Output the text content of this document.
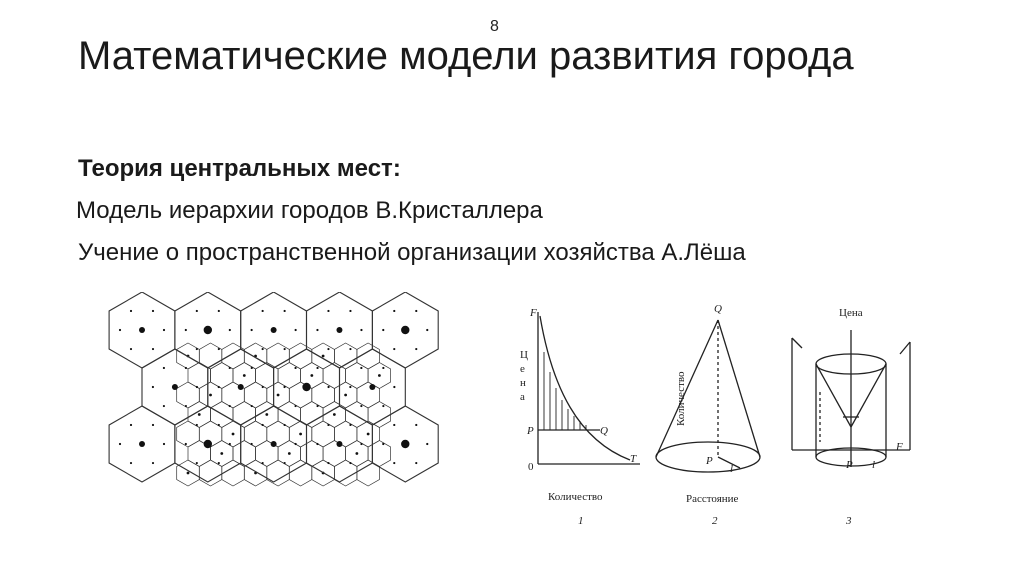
8
Математические модели развития города

Теория центральных мест:

Модель иерархии городов В.Кристаллера

Учение о пространственной организации хозяйства А.Лёша

F
Ц
е
н
а
P	Q
0
T
Количество
1
Q
Количество
P
l
Расстояние
2
Цена
P l
F
3
